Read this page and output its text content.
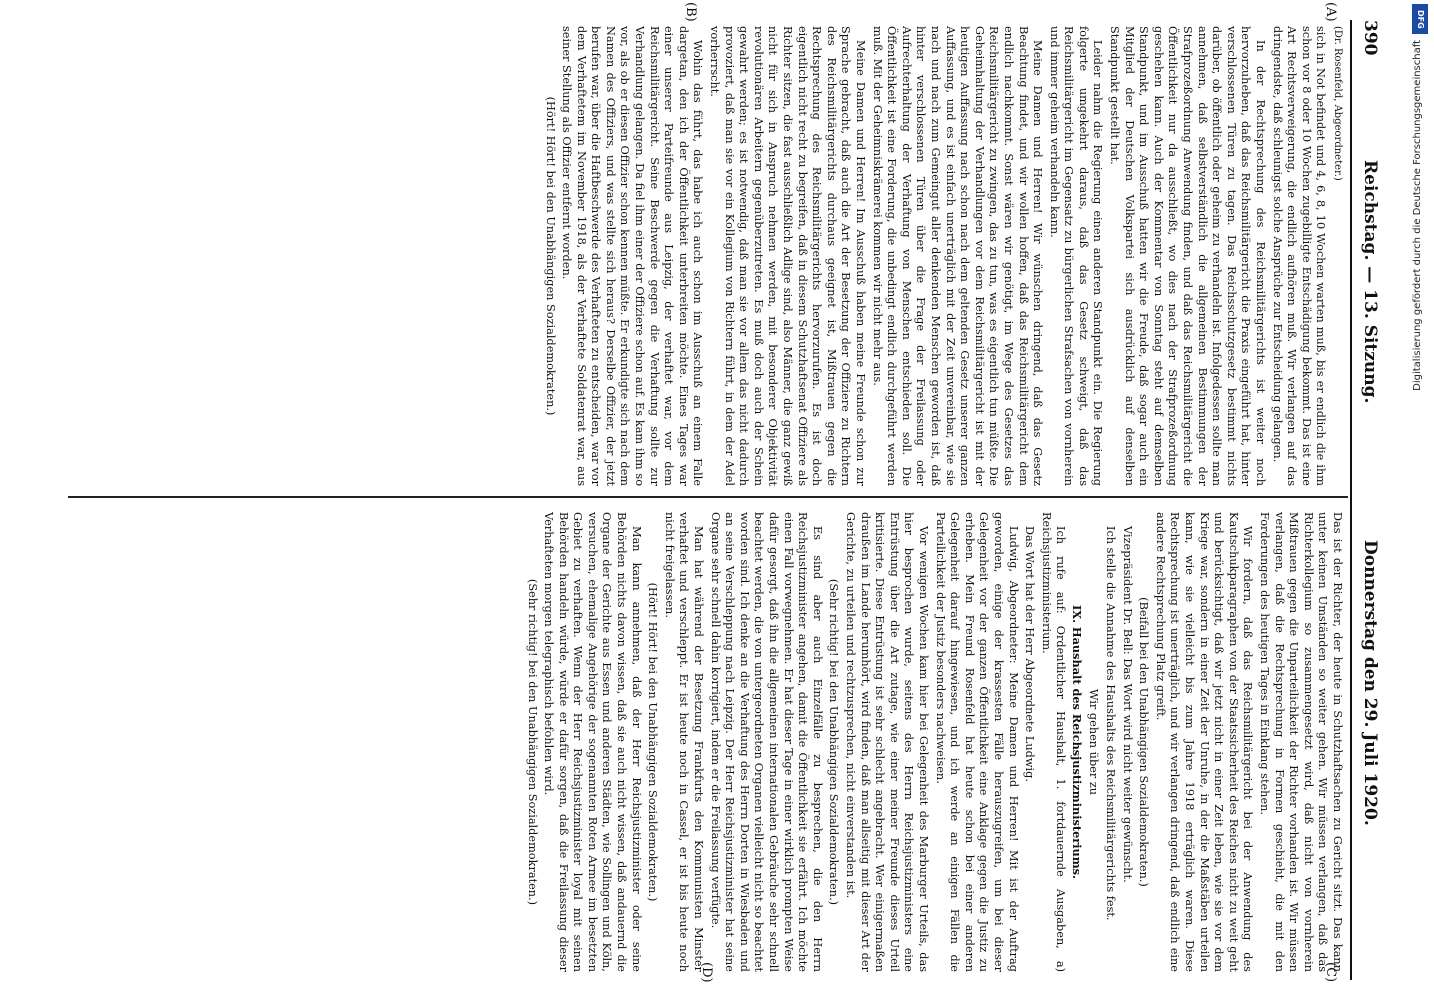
390
Reichstag. — 13. Sitzung.
Donnerstag den 29. Juli 1920.
(A)
(B)
(C)
(D)

(Dr. Rosenfeld, Abgeordneter.)

sich in Not befindet und 4, 6, 8, 10 Wochen warten muß, bis er endlich die ihm schon vor 8 oder 10 Wochen zugebilligte Entschädigung bekommt. Das ist eine Art Rechtsverweigerung, die endlich aufhören muß. Wir verlangen auf das dringendste, daß schleunigst solche Ansprüche zur Entscheidung gelangen.

In der Rechtsprechung des Reichsmilitärgerichts ist weiter noch hervorzuheben, daß das Reichsmilitärgericht die Praxis eingeführt hat, hinter verschlossenen Türen zu tagen. Das Reichsschutzgesetz bestimmt nichts darüber, ob öffentlich oder geheim zu verhandeln ist. Infolgedessen sollte man annehmen, daß selbstverständlich die allgemeinen Bestimmungen der Strafprozeßordnung Anwendung finden, und daß das Reichsmilitärgericht die Öffentlichkeit nur da ausschließt, wo dies nach der Strafprozeßordnung geschehen kann. Auch der Kommentar von Sonntag steht auf demselben Standpunkt, und im Ausschuß hatten wir die Freude, daß sogar auch ein Mitglied der Deutschen Volkspartei sich ausdrücklich auf denselben Standpunkt gestellt hat.

Leider nahm die Regierung einen anderen Standpunkt ein. Die Regierung folgerte umgekehrt daraus, daß das Gesetz schweigt, daß das Reichsmilitärgericht im Gegensatz zu bürgerlichen Strafsachen von vornherein und immer geheim verhandeln kann.

Meine Damen und Herren! Wir wünschen dringend, daß das Gesetz Beachtung findet, und wir wollen hoffen, daß das Reichsmilitärgericht dem endlich nachkommt. Sonst wären wir genötigt, im Wege des Gesetzes das Reichsmilitärgericht zu zwingen, das zu tun, was es eigentlich tun müßte. Die Geheimhaltung der Verhandlungen vor dem Reichsmilitärgericht ist mit der heutigen Auffassung nach schon nach dem geltenden Gesetz unserer ganzen Auffassung, und es ist einfach unerträglich mit der Zeit unvereinbar, wie sie nach und nach zum Gemeingut aller denkenden Menschen geworden ist, daß hinter verschlossenen Türen über die Frage der Freilassung oder Aufrechterhaltung der Verhaftung von Menschen entschieden soll. Die Öffentlichkeit ist eine Forderung, die unbedingt endlich durchgeführt werden muß. Mit der Geheimniskrämerei kommen wir nicht mehr aus.

Meine Damen und Herren! Im Ausschuß haben meine Freunde schon zur Sprache gebracht, daß auch die Art der Besetzung der Offiziere zu Richtern des Reichsmilitärgerichts durchaus geeignet ist, Mißtrauen gegen die Rechtsprechung des Reichsmilitärgerichts hervorzurufen. Es ist doch eigentlich nicht recht zu begreifen, daß in diesem Schutzhaftsenat Offiziere als Richter sitzen, die fast ausschließlich Adlige sind, also Männer, die ganz gewiß nicht für sich in Anspruch nehmen werden, mit besonderer Objektivität revolutionären Arbeitern gegenüberzutreten. Es muß doch auch der Schein gewahrt werden; es ist notwendig, daß man sie vor allem das nicht dadurch provoziert, daß man sie vor ein Kollegium von Richtern führt, in dem der Adel vorherrscht.

Wohin das führt, das habe ich auch schon im Ausschuß an einem Falle dargetan, den ich der Öffentlichkeit unterbreiten möchte. Eines Tages war einer unserer Parteifreunde aus Leipzig, der verhaftet war, vor dem Reichsmilitärgericht. Seine Beschwerde gegen die Verhaftung sollte zur Verhandlung gelangen. Da fiel ihm einer der Offiziere schon auf. Es kam ihm so vor, als ob er diesen Offizier schon kennen müßte. Er erkundigte sich nach dem Namen des Offiziers, und was stellte sich heraus? Derselbe Offizier, der jetzt berufen war, über die Haftbeschwerde des Verhafteten zu entscheiden, war vor dem Verhaftetem im November 1918, als der Verhaftete Soldatenrat war, aus seiner Stellung als Offizier entfernt worden.

(Hört! Hört! bei den Unabhängigen Sozialdemokraten.)

Das ist der Richter, der heute in Schutzhaftsachen zu Gericht sitzt. Das kann unter keinen Umständen so weiter gehen. Wir müssen verlangen, daß das Richterkollegium so zusammengesetzt wird, daß nicht von vornherein Mißtrauen gegen die Unparteilichkeit der Richter vorhanden ist. Wir müssen verlangen, daß die Rechtsprechung in Formen geschieht, die mit den Forderungen des heutigen Tages in Einklang stehen.

Wir fordern, daß das Reichsmilitärgericht bei der Anwendung des Kautschukparagraphen von der Staatssicherheit des Reiches nicht zu weit geht und berücksichtigt, daß wir jetzt nicht in einer Zeit leben, wie sie vor dem Kriege war, sondern in einer Zeit der Unruhe, in der die Maßstäben urteilen kann, wie sie vielleicht bis zum Jahre 1918 erträglich waren. Diese Rechtsprechung ist unerträglich, und wir verlangen dringend, daß endlich eine andere Rechtsprechung Platz greift.

(Beifall bei den Unabhängigen Sozialdemokraten.)

Vizepräsident Dr. Bell: Das Wort wird nicht weiter gewünscht.

Ich stelle die Annahme des Haushalts des Reichsmilitärgerichts fest.

Wir gehen über zu

IX. Haushalt des Reichsjustizministeriums.

Ich rufe auf: Ordentlicher Haushalt, 1. fortdauernde Ausgaben, a) Reichsjustizministerium.

Das Wort hat der Herr Abgeordnete Ludwig.

Ludwig, Abgeordneter: Meine Damen und Herren! Mit ist der Auftrag geworden, einige der krassesten Fälle herauszugreifen, um bei dieser Gelegenheit vor der ganzen Öffentlichkeit eine Anklage gegen die Justiz zu erheben. Mein Freund Rosenfeld hat heute schon bei einer anderen Gelegenheit darauf hingewiesen, und ich werde an einigen Fällen die Parteilichkeit der Justiz besonders nachweisen.

Vor wenigen Wochen kam hier bei Gelegenheit des Marburger Urteils, das hier besprochen wurde, seitens des Herrn Reichsjustizministers eine Entrüstung über die Art zutage, wie einer meiner Freunde dieses Urteil kritisierte. Diese Entrüstung ist sehr schlecht angebracht. Wer einigermaßen draußen im Lande herumhört, wird finden, daß man allseitig mit dieser Art der Gerichte, zu urteilen und rechtzusprechen, nicht einverstanden ist.

(Sehr richtig! bei den Unabhängigen Sozialdemokraten.)

Es sind aber auch Einzelfälle zu besprechen, die den Herrn Reichsjustizminister angehen, damit die Öffentlichkeit sie erfährt. Ich möchte einen Fall vorwegnehmen. Er hat dieser Tage in einer wirklich prompten Weise dafür gesorgt, daß ihn die allgemeinen internationalen Gebräuche sehr schnell beachtet werden, die von untergeordneten Organen vielleicht nicht so beachtet worden sind. Ich denke an die Verhaftung des Herrn Dorten in Wiesbaden und an seine Verschleppung nach Leipzig. Der Herr Reichsjustizminister hat seine Organe sehr schnell dahin korrigiert, indem er die Freilassung verfügte.

Man hat während der Besetzung Frankfurts den Kommunisten Minster verhaftet und verschleppt. Er ist heute noch in Cassel, er ist bis heute noch nicht freigelassen.

(Hört! Hört! bei den Unabhängigen Sozialdemokraten.)

Man kann annehmen, daß der Herr Reichsjustizminister oder seine Behörden nichts davon wissen, daß sie auch nicht wissen, daß andauernd die Organe der Gerichte aus Essen und anderen Städten, wie Sollingen und Köln, versuchen, ehemalige Angehörige der sogenannten Roten Armee im besetzten Gebiet zu verhaften. Wenn der Herr Reichsjustizminister loyal mit seinen Behörden handeln würde, würde er dafür sorgen, daß die Freilassung dieser Verhafteten morgen telegraphisch befohlen wird.

(Sehr richtig! bei den Unabhängigen Sozialdemokraten.)

DFG
Digitalisierung gefördert durch die Deutsche Forschungsgemeinschaft
